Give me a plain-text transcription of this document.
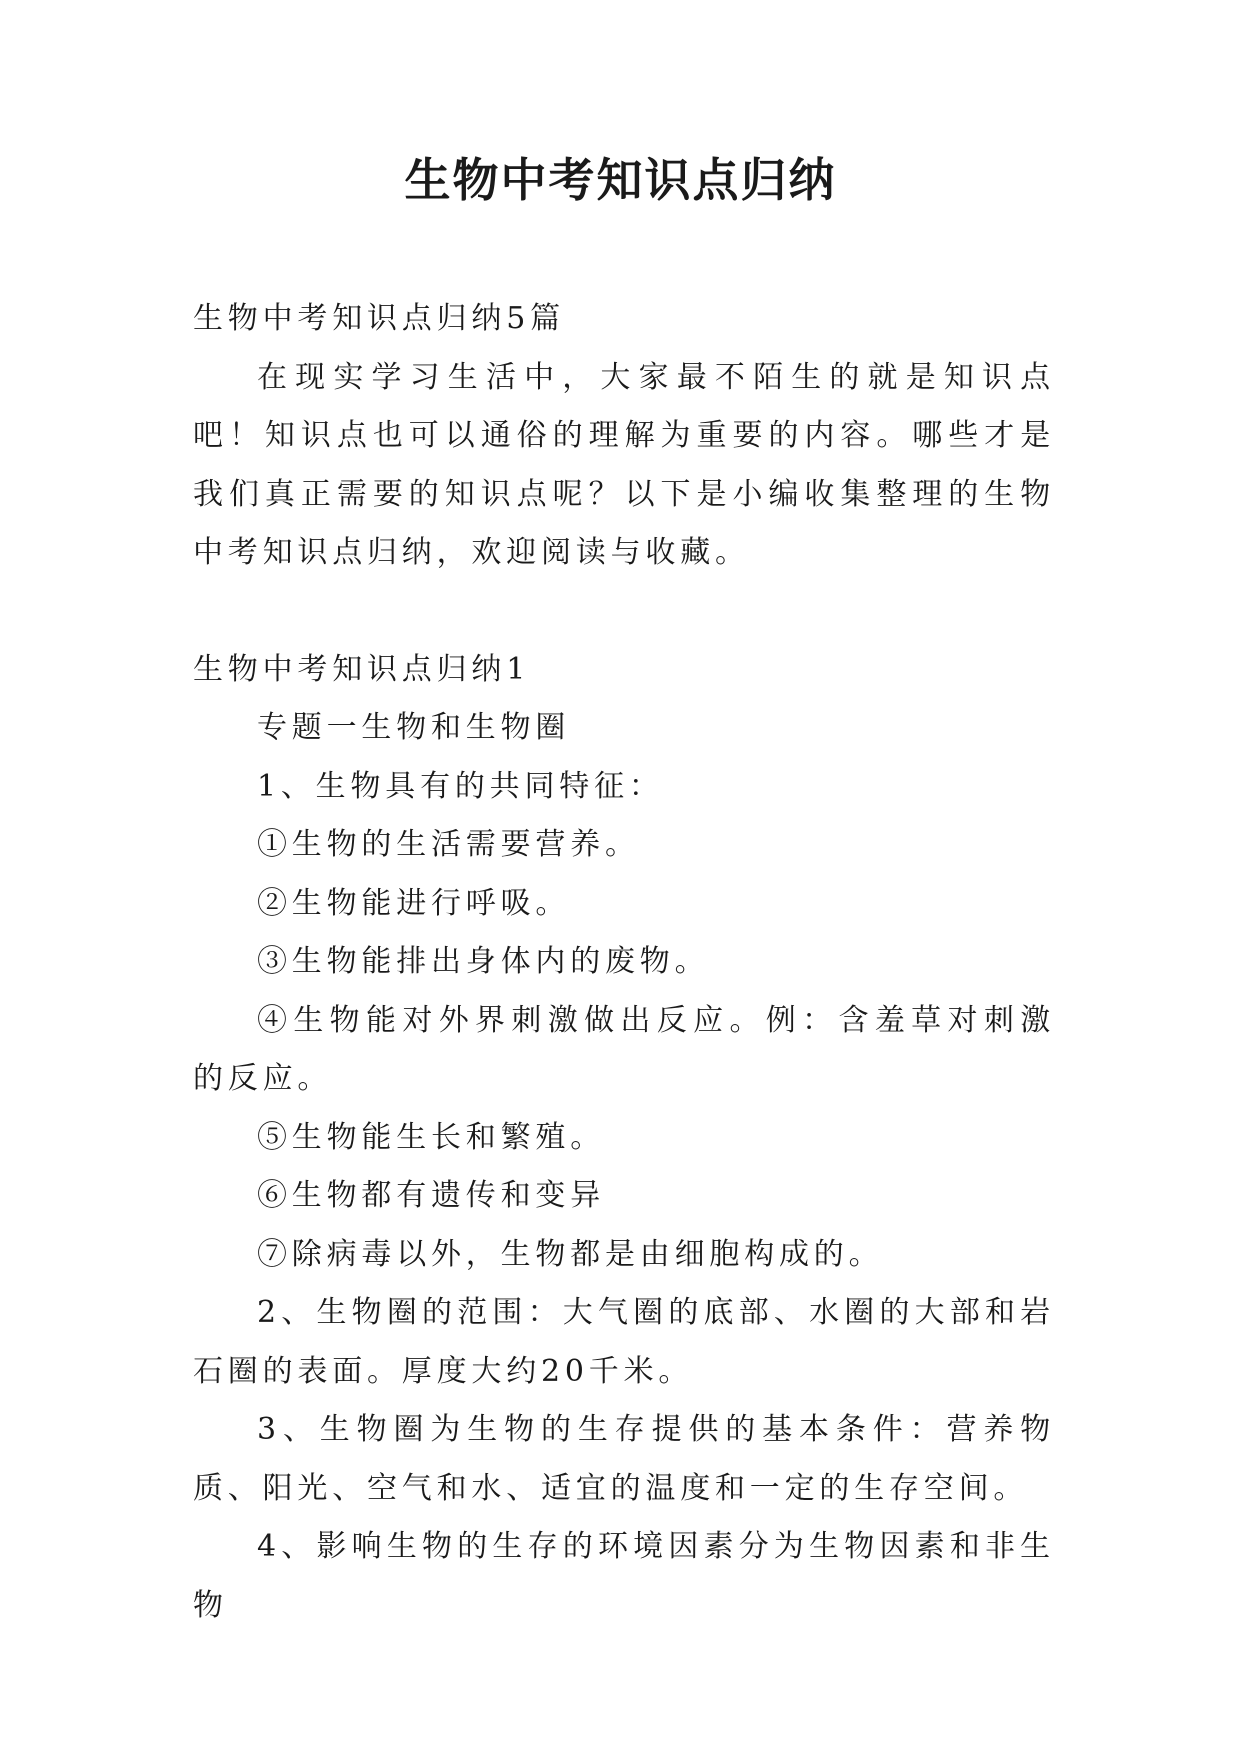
生物中考知识点归纳

生物中考知识点归纳5篇

在现实学习生活中，大家最不陌生的就是知识点吧！知识点也可以通俗的理解为重要的内容。哪些才是我们真正需要的知识点呢？以下是小编收集整理的生物中考知识点归纳，欢迎阅读与收藏。

生物中考知识点归纳1

专题一生物和生物圈

1、生物具有的共同特征：

①生物的生活需要营养。

②生物能进行呼吸。

③生物能排出身体内的废物。

④生物能对外界刺激做出反应。例：含羞草对刺激的反应。

⑤生物能生长和繁殖。

⑥生物都有遗传和变异

⑦除病毒以外，生物都是由细胞构成的。

2、生物圈的范围：大气圈的底部、水圈的大部和岩石圈的表面。厚度大约20千米。

3、生物圈为生物的生存提供的基本条件：营养物质、阳光、空气和水、适宜的温度和一定的生存空间。

4、影响生物的生存的环境因素分为生物因素和非生物
